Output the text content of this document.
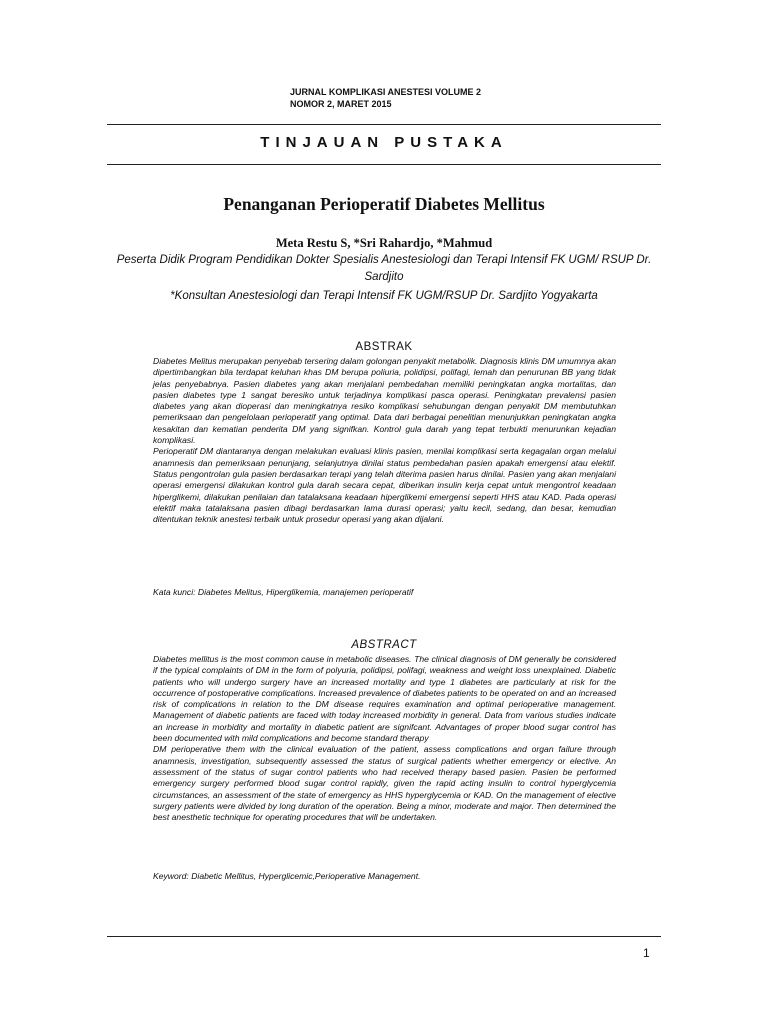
JURNAL KOMPLIKASI ANESTESI VOLUME 2
NOMOR 2, MARET 2015
TINJAUAN PUSTAKA
Penanganan Perioperatif Diabetes Mellitus
Meta Restu S, *Sri Rahardjo, *Mahmud
Peserta Didik Program Pendidikan Dokter Spesialis Anestesiologi dan Terapi Intensif FK UGM/ RSUP Dr. Sardjito
*Konsultan Anestesiologi dan Terapi Intensif FK UGM/RSUP Dr. Sardjito Yogyakarta
ABSTRAK

Diabetes Melitus merupakan penyebab tersering dalam golongan penyakit metabolik. Diagnosis klinis DM umumnya akan dipertimbangkan bila terdapat keluhan khas DM berupa poliuria, polidipsi, polifagi, lemah dan penurunan BB yang tidak jelas penyebabnya. Pasien diabetes yang akan menjalani pembedahan memiliki peningkatan angka mortalitas, dan pasien diabetes type 1 sangat beresiko untuk terjadinya komplikasi pasca operasi. Peningkatan prevalensi pasien diabetes yang akan dioperasi dan meningkatnya resiko komplikasi sehubungan dengan penyakit DM membutuhkan pemeriksaan dan pengelolaan perioperatif yang optimal. Data dari berbagai penelitian menunjukkan peningkatan angka kesakitan dan kematian penderita DM yang signifkan. Kontrol gula darah yang tepat terbukti menurunkan kejadian komplikasi.

Perioperatif DM diantaranya dengan melakukan evaluasi klinis pasien, menilai komplikasi serta kegagalan organ melalui anamnesis dan pemeriksaan penunjang, selanjutnya dinilai status pembedahan pasien apakah emergensi atau elektif. Status pengontrolan gula pasien berdasarkan terapi yang telah diterima pasien harus dinilai. Pasien yang akan menjalani operasi emergensi dilakukan kontrol gula darah secara cepat, diberikan insulin kerja cepat untuk mengontrol keadaan hiperglikemi, dilakukan penilaian dan tatalaksana keadaan hiperglikemi emergensi seperti HHS atau KAD. Pada operasi elektif maka tatalaksana pasien dibagi berdasarkan lama durasi operasi; yaitu kecil, sedang, dan besar, kemudian ditentukan teknik anestesi terbaik untuk prosedur operasi yang akan dijalani.

Kata kunci: Diabetes Melitus, Hiperglikemia, manajemen perioperatif
ABSTRACT

Diabetes mellitus is the most common cause in metabolic diseases. The clinical diagnosis of DM generally be considered if the typical complaints of DM in the form of polyuria, polidipsi, polifagi, weakness and weight loss unexplained. Diabetic patients who will undergo surgery have an increased mortality and type 1 diabetes are particularly at risk for the occurrence of postoperative complications. Increased prevalence of diabetes patients to be operated on and an increased risk of complications in relation to the DM disease requires examination and optimal perioperative management. Management of diabetic patients are faced with today increased morbidity in general. Data from various studies indicate an increase in morbidity and mortality in diabetic patient are signifcant. Advantages of proper blood sugar control has been documented with mild complications and become standard therapy

DM perioperative them with the clinical evaluation of the patient, assess complications and organ failure through anamnesis, investigation, subsequently assessed the status of surgical patients whether emergency or elective. An assessment of the status of sugar control patients who had received therapy based pasien. Pasien be performed emergency surgery performed blood sugar control rapidly, given the rapid acting insulin to control hyperglycemia circumstances, an assessment of the state of emergency as HHS hyperglycemia or KAD. On the management of elective surgery patients were divided by long duration of the operation. Being a minor, moderate and major. Then determined the best anesthetic technique for operating procedures that will be undertaken.

Keyword: Diabetic Mellitus, Hyperglicemic,Perioperative Management.
1
